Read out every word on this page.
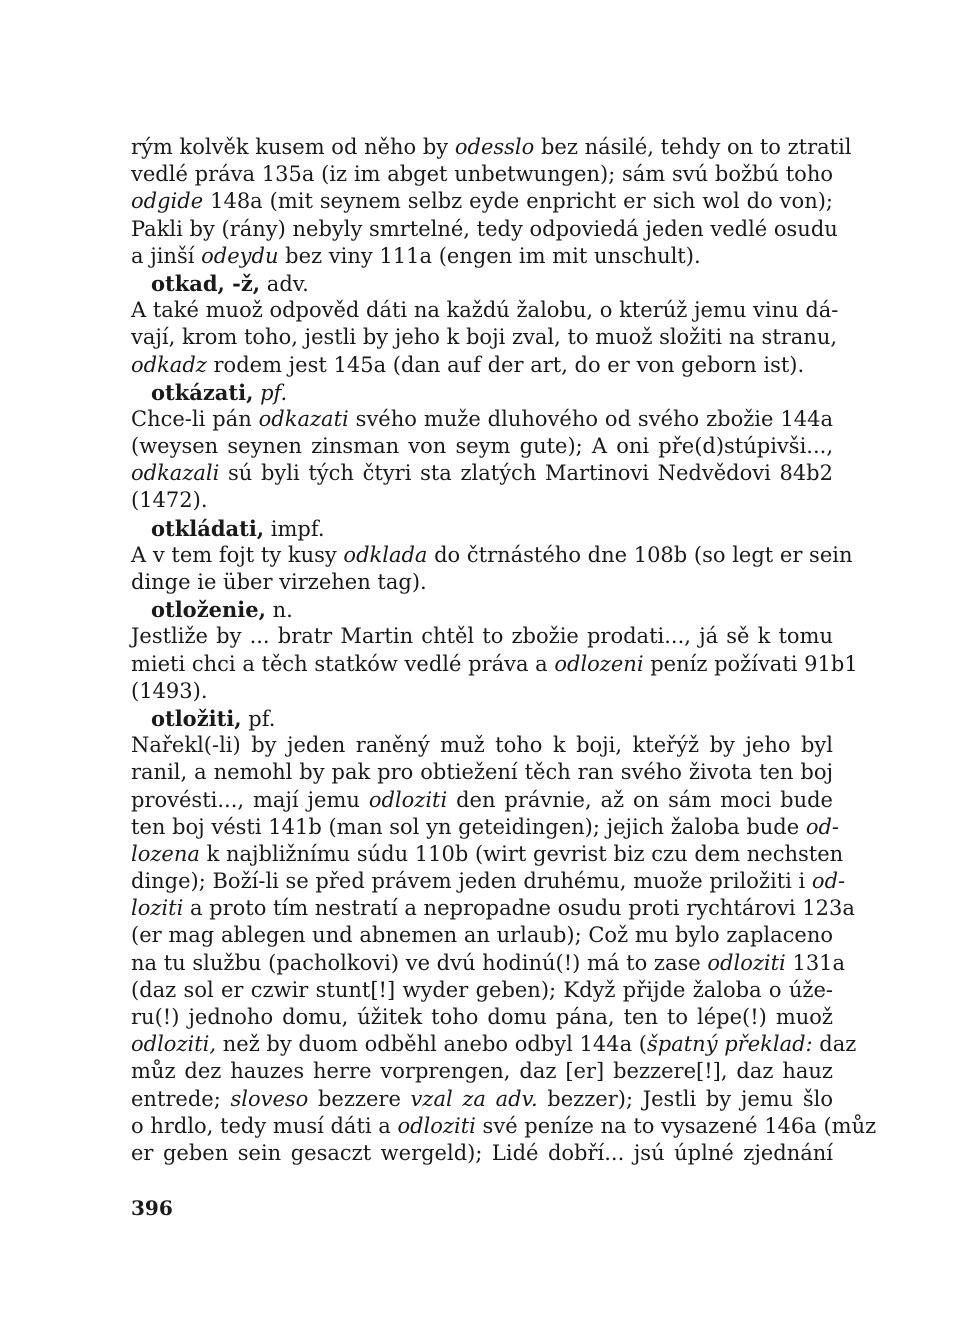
rým kolvěk kusem od něho by odesslo bez násilé, tehdy on to ztratil
vedlé práva 135a (iz im abget unbetwungen); sám svú božbú toho
odgide 148a (mit seynem selbz eyde enpricht er sich wol do von);
Pakli by (rány) nebyly smrtelné, tedy odpoviedá jeden vedlé osudu
a jinší odeydu bez viny 111a (engen im mit unschult).
otkad, -ž, adv.
A také muož odpověd dáti na každú žalobu, o kterúž jemu vinu dá-
vají, krom toho, jestli by jeho k boji zval, to muož složiti na stranu,
odkadz rodem jest 145a (dan auf der art, do er von geborn ist).
otkázati, pf.
Chce-li pán odkazati svého muže dluhového od svého zbožie 144a
(weysen seynen zinsman von seym gute); A oni pře(d)stúpivši...,
odkazali sú byli tých čtyri sta zlatých Martinovi Nedvědovi 84b2
(1472).
otkládati, impf.
A v tem fojt ty kusy odklada do čtrnástého dne 108b (so legt er sein
dinge ie über virzehen tag).
otloženie, n.
Jestliže by ... bratr Martin chtěl to zbožie prodati..., já sě k tomu
mieti chci a těch statków vedlé práva a odlozeni peníz požívati 91b1
(1493).
otložiti, pf.
Nařekl(-li) by jeden raněný muž toho k boji, kteřýž by jeho byl
ranil, a nemohl by pak pro obtiežení těch ran svého života ten boj
provésti..., mají jemu odloziti den právnie, až on sám moci bude
ten boj vésti 141b (man sol yn geteidingen); jejich žaloba bude od-
lozena k najbližnímu súdu 110b (wirt gevrist biz czu dem nechsten
dinge); Boží-li se před právem jeden druhému, muože priložiti i od-
loziti a proto tím nestratí a nepropadne osudu proti rychtárovi 123a
(er mag ablegen und abnemen an urlaub); Což mu bylo zaplaceno
na tu službu (pacholkovi) ve dvú hodinú(!) má to zase odloziti 131a
(daz sol er czwir stunt[!] wyder geben); Když přijde žaloba o úže-
ru(!) jednoho domu, úžitek toho domu pána, ten to lépe(!) muož
odloziti, než by duom odběhl anebo odbyl 144a (špatný překlad: daz
můz dez hauzes herre vorprengen, daz [er] bezzere[!], daz hauz
entrede; sloveso bezzere vzal za adv. bezzer); Jestli by jemu šlo
o hrdlo, tedy musí dáti a odloziti své peníze na to vysazené 146a (můz
er geben sein gesaczt wergeld); Lidé dobří... jsú úplné zjednání
396
